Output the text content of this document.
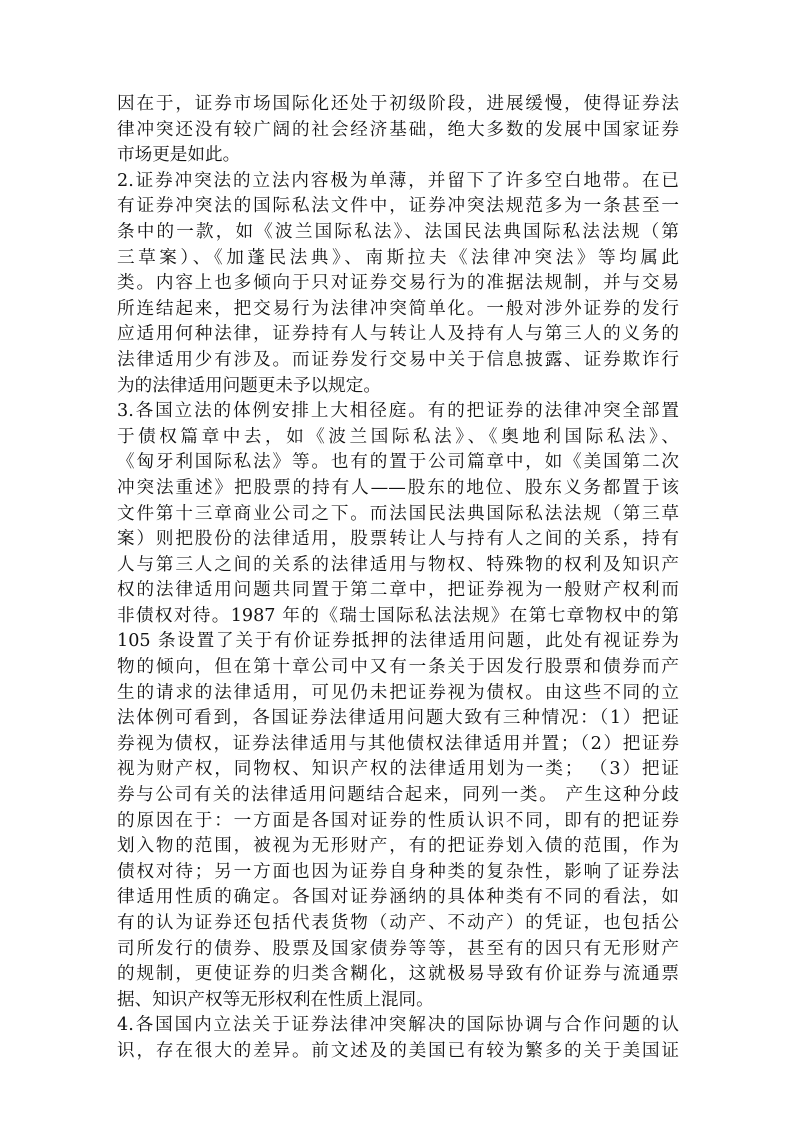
因在于，证券市场国际化还处于初级阶段，进展缓慢，使得证券法
律冲突还没有较广阔的社会经济基础，绝大多数的发展中国家证券
市场更是如此。
2.证券冲突法的立法内容极为单薄，并留下了许多空白地带。在已
有证券冲突法的国际私法文件中，证券冲突法规范多为一条甚至一
条中的一款，如《波兰国际私法》、法国民法典国际私法法规（第
三草案）、《加蓬民法典》、南斯拉夫《法律冲突法》等均属此
类。内容上也多倾向于只对证券交易行为的准据法规制，并与交易
所连结起来，把交易行为法律冲突简单化。一般对涉外证券的发行
应适用何种法律，证券持有人与转让人及持有人与第三人的义务的
法律适用少有涉及。而证券发行交易中关于信息披露、证券欺诈行
为的法律适用问题更未予以规定。
3.各国立法的体例安排上大相径庭。有的把证券的法律冲突全部置
于债权篇章中去，如《波兰国际私法》、《奥地利国际私法》、
《匈牙利国际私法》等。也有的置于公司篇章中，如《美国第二次
冲突法重述》把股票的持有人——股东的地位、股东义务都置于该
文件第十三章商业公司之下。而法国民法典国际私法法规（第三草
案）则把股份的法律适用，股票转让人与持有人之间的关系，持有
人与第三人之间的关系的法律适用与物权、特殊物的权利及知识产
权的法律适用问题共同置于第二章中，把证券视为一般财产权利而
非债权对待。1987 年的《瑞士国际私法法规》在第七章物权中的第
105 条设置了关于有价证券抵押的法律适用问题，此处有视证券为
物的倾向，但在第十章公司中又有一条关于因发行股票和债券而产
生的请求的法律适用，可见仍未把证券视为债权。由这些不同的立
法体例可看到，各国证券法律适用问题大致有三种情况：（1）把证
券视为债权，证券法律适用与其他债权法律适用并置；（2）把证券
视为财产权，同物权、知识产权的法律适用划为一类； （3）把证
券与公司有关的法律适用问题结合起来，同列一类。 产生这种分歧
的原因在于：一方面是各国对证券的性质认识不同，即有的把证券
划入物的范围，被视为无形财产，有的把证券划入债的范围，作为
债权对待；另一方面也因为证券自身种类的复杂性，影响了证券法
律适用性质的确定。各国对证券涵纳的具体种类有不同的看法，如
有的认为证券还包括代表货物（动产、不动产）的凭证，也包括公
司所发行的债券、股票及国家债券等等，甚至有的因只有无形财产
的规制，更使证券的归类含糊化，这就极易导致有价证券与流通票
据、知识产权等无形权利在性质上混同。
4.各国国内立法关于证券法律冲突解决的国际协调与合作问题的认
识，存在很大的差异。前文述及的美国已有较为繁多的关于美国证
